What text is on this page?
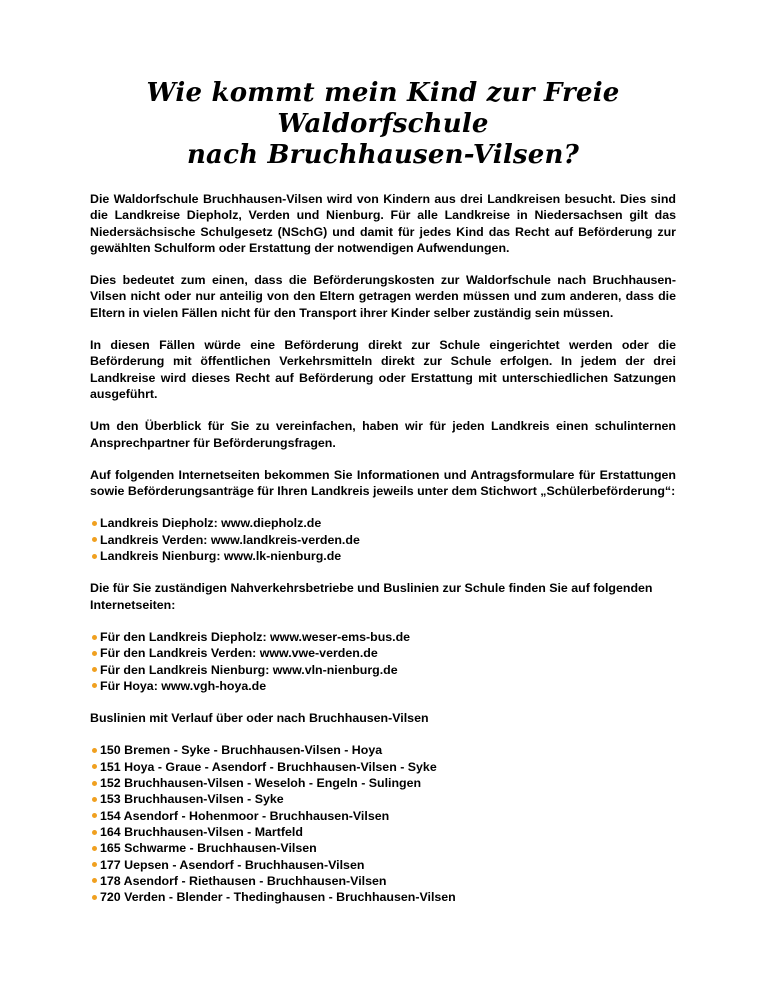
Wie kommt mein Kind zur Freie Waldorfschule
nach Bruchhausen-Vilsen?

Die Waldorfschule Bruchhausen-Vilsen wird von Kindern aus drei Landkreisen besucht. Dies sind die Landkreise Diepholz, Verden und Nienburg. Für alle Landkreise in Niedersachsen gilt das Niedersächsische Schulgesetz (NSchG) und damit für jedes Kind das Recht auf Beförderung zur gewählten Schulform oder Erstattung der notwendigen Aufwendungen.

Dies bedeutet zum einen, dass die Beförderungskosten zur Waldorfschule nach Bruchhausen-Vilsen nicht oder nur anteilig von den Eltern getragen werden müssen und zum anderen, dass die Eltern in vielen Fällen nicht für den Transport ihrer Kinder selber zuständig sein müssen.

In diesen Fällen würde eine Beförderung direkt zur Schule eingerichtet werden oder die Beförderung mit öffentlichen Verkehrsmitteln direkt zur Schule erfolgen. In jedem der drei Landkreise wird dieses Recht auf Beförderung oder Erstattung mit unterschiedlichen Satzungen ausgeführt.

Um den Überblick für Sie zu vereinfachen, haben wir für jeden Landkreis einen schulinternen Ansprechpartner für Beförderungsfragen.

Auf folgenden Internetseiten bekommen Sie Informationen und Antragsformulare für Erstattungen sowie Beförderungsanträge für Ihren Landkreis jeweils unter dem Stichwort „Schülerbeförderung“:

Landkreis Diepholz: www.diepholz.de
Landkreis Verden: www.landkreis-verden.de
Landkreis Nienburg: www.lk-nienburg.de

Die für Sie zuständigen Nahverkehrsbetriebe und Buslinien zur Schule finden Sie auf folgenden Internetseiten:

Für den Landkreis Diepholz: www.weser-ems-bus.de
Für den Landkreis Verden: www.vwe-verden.de
Für den Landkreis Nienburg: www.vln-nienburg.de
Für Hoya: www.vgh-hoya.de

Buslinien mit Verlauf über oder nach Bruchhausen-Vilsen

150 Bremen - Syke - Bruchhausen-Vilsen - Hoya
151 Hoya - Graue - Asendorf - Bruchhausen-Vilsen - Syke
152 Bruchhausen-Vilsen - Weseloh - Engeln - Sulingen
153 Bruchhausen-Vilsen - Syke
154 Asendorf - Hohenmoor - Bruchhausen-Vilsen
164 Bruchhausen-Vilsen - Martfeld
165 Schwarme - Bruchhausen-Vilsen
177 Uepsen - Asendorf - Bruchhausen-Vilsen
178 Asendorf - Riethausen - Bruchhausen-Vilsen
720 Verden - Blender - Thedinghausen - Bruchhausen-Vilsen
